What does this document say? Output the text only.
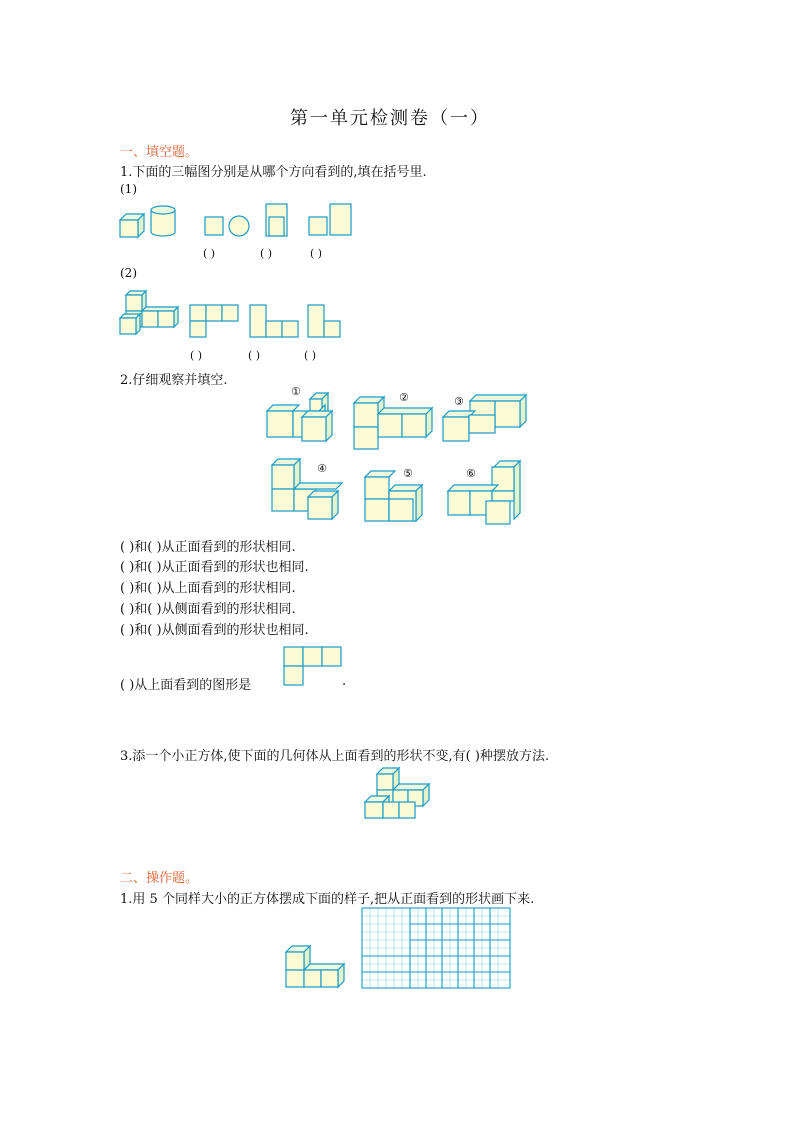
第一单元检测卷（一）
一、填空题。
1.下面的三幅图分别是从哪个方向看到的,填在括号里.
(1)
( )	( )	( )
(2)
( )	( )	( )
2.仔细观察并填空.
①	②	③
④	⑤	⑥
( )和( )从正面看到的形状相同.
( )和( )从正面看到的形状也相同.
( )和( )从上面看到的形状相同.
( )和( )从侧面看到的形状相同.
( )和( )从侧面看到的形状也相同.
( )从上面看到的图形是	.
3.添一个小正方体,使下面的几何体从上面看到的形状不变,有( )种摆放方法.
二、操作题。
1.用 5 个同样大小的正方体摆成下面的样子,把从正面看到的形状画下来.
